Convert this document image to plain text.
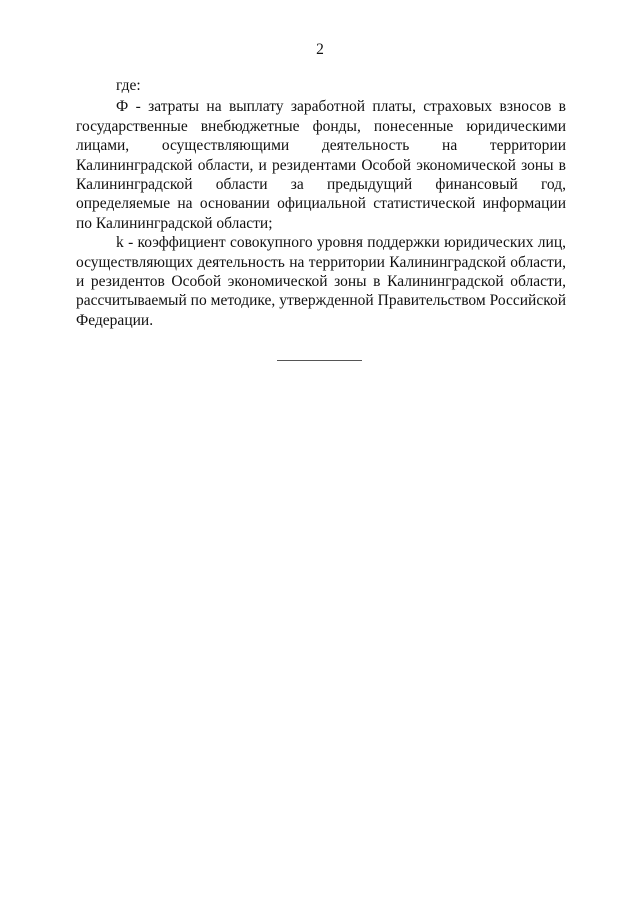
2

где:

Ф - затраты на выплату заработной платы, страховых взносов в государственные внебюджетные фонды, понесенные юридическими лицами, осуществляющими деятельность на территории Калининградской области, и резидентами Особой экономической зоны в Калининградской области за предыдущий финансовый год, определяемые на основании официальной статистической информации по Калининградской области;

k - коэффициент совокупного уровня поддержки юридических лиц, осуществляющих деятельность на территории Калининградской области, и резидентов Особой экономической зоны в Калининградской области, рассчитываемый по методике, утвержденной Правительством Российской Федерации.
